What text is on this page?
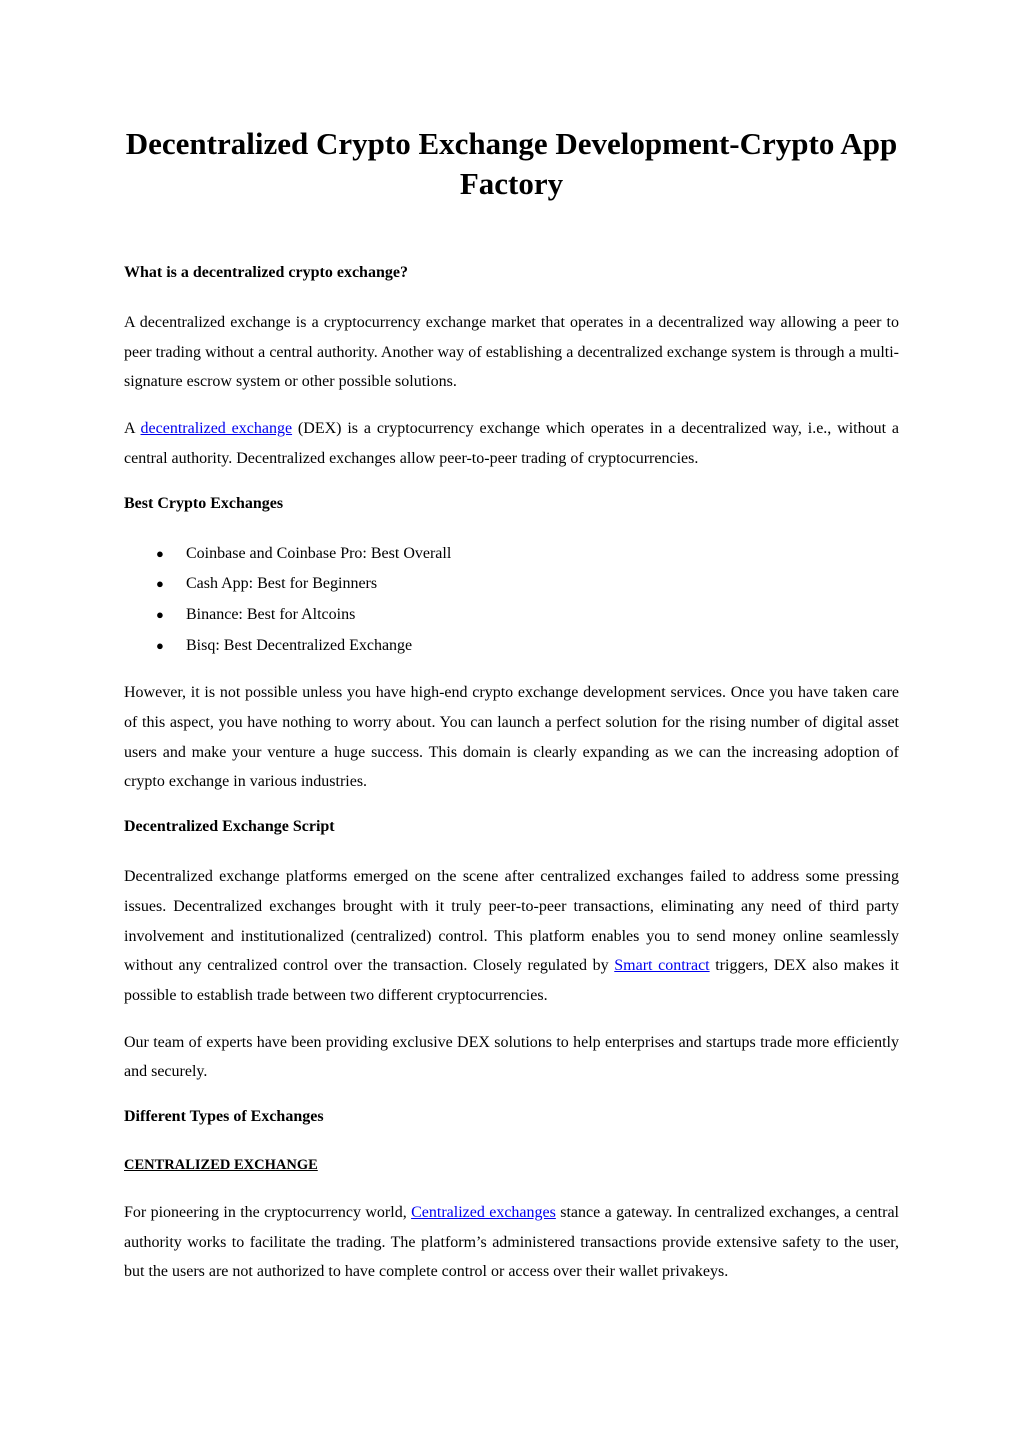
Decentralized Crypto Exchange Development-Crypto App Factory

What is a decentralized crypto exchange?

A decentralized exchange is a cryptocurrency exchange market that operates in a decentralized way allowing a peer to peer trading without a central authority. Another way of establishing a decentralized exchange system is through a multi-signature escrow system or other possible solutions.

A decentralized exchange (DEX) is a cryptocurrency exchange which operates in a decentralized way, i.e., without a central authority. Decentralized exchanges allow peer-to-peer trading of cryptocurrencies.

Best Crypto Exchanges

● Coinbase and Coinbase Pro: Best Overall
● Cash App: Best for Beginners
● Binance: Best for Altcoins
● Bisq: Best Decentralized Exchange

However, it is not possible unless you have high-end crypto exchange development services. Once you have taken care of this aspect, you have nothing to worry about. You can launch a perfect solution for the rising number of digital asset users and make your venture a huge success. This domain is clearly expanding as we can the increasing adoption of crypto exchange in various industries.

Decentralized Exchange Script

Decentralized exchange platforms emerged on the scene after centralized exchanges failed to address some pressing issues. Decentralized exchanges brought with it truly peer-to-peer transactions, eliminating any need of third party involvement and institutionalized (centralized) control. This platform enables you to send money online seamlessly without any centralized control over the transaction. Closely regulated by Smart contract triggers, DEX also makes it possible to establish trade between two different cryptocurrencies.

Our team of experts have been providing exclusive DEX solutions to help enterprises and startups trade more efficiently and securely.

Different Types of Exchanges

CENTRALIZED EXCHANGE

For pioneering in the cryptocurrency world, Centralized exchanges stance a gateway. In centralized exchanges, a central authority works to facilitate the trading. The platform’s administered transactions provide extensive safety to the user, but the users are not authorized to have complete control or access over their wallet privakeys.
